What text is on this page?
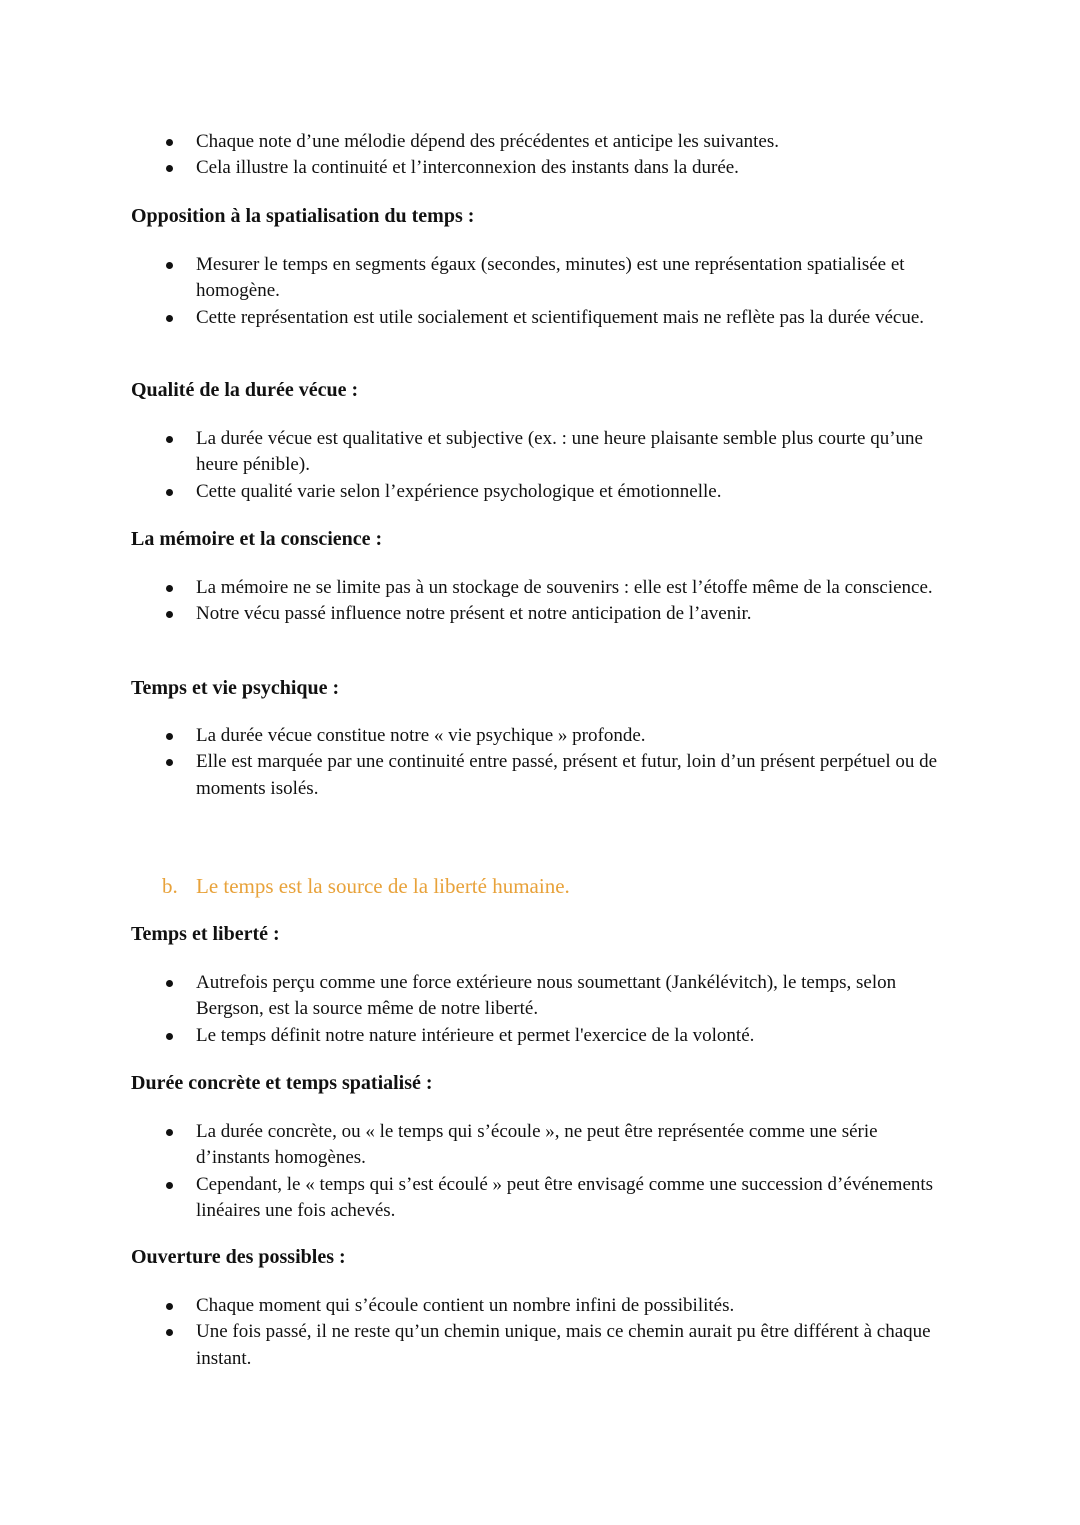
Chaque note d’une mélodie dépend des précédentes et anticipe les suivantes.
Cela illustre la continuité et l’interconnexion des instants dans la durée.
Opposition à la spatialisation du temps :
Mesurer le temps en segments égaux (secondes, minutes) est une représentation spatialisée et homogène.
Cette représentation est utile socialement et scientifiquement mais ne reflète pas la durée vécue.
Qualité de la durée vécue :
La durée vécue est qualitative et subjective (ex. : une heure plaisante semble plus courte qu’une heure pénible).
Cette qualité varie selon l’expérience psychologique et émotionnelle.
La mémoire et la conscience :
La mémoire ne se limite pas à un stockage de souvenirs : elle est l’étoffe même de la conscience.
Notre vécu passé influence notre présent et notre anticipation de l’avenir.
Temps et vie psychique :
La durée vécue constitue notre « vie psychique » profonde.
Elle est marquée par une continuité entre passé, présent et futur, loin d’un présent perpétuel ou de moments isolés.
b. Le temps est la source de la liberté humaine.
Temps et liberté :
Autrefois perçu comme une force extérieure nous soumettant (Jankélévitch), le temps, selon Bergson, est la source même de notre liberté.
Le temps définit notre nature intérieure et permet l'exercice de la volonté.
Durée concrète et temps spatialisé :
La durée concrète, ou « le temps qui s’écoule », ne peut être représentée comme une série d’instants homogènes.
Cependant, le « temps qui s’est écoulé » peut être envisagé comme une succession d’événements linéaires une fois achevés.
Ouverture des possibles :
Chaque moment qui s’écoule contient un nombre infini de possibilités.
Une fois passé, il ne reste qu’un chemin unique, mais ce chemin aurait pu être différent à chaque instant.
